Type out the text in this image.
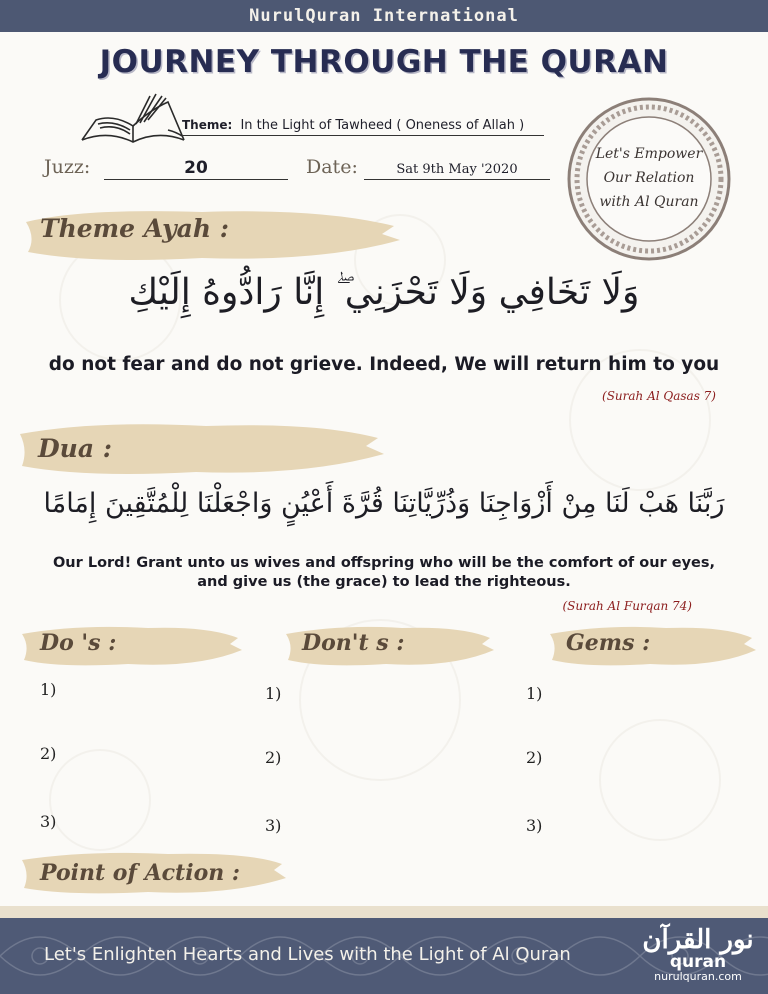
NurulQuran International
JOURNEY THROUGH THE QURAN
Theme: In the Light of Tawheed ( Oneness of Allah )
Juzz:	20	Date:	Sat 9th May '2020
Let's Empower
Our Relation
with Al Quran
Theme Ayah :
وَلَا تَخَافِي وَلَا تَحْزَنِي ۖ إِنَّا رَادُّوهُ إِلَيْكِ
do not fear and do not grieve. Indeed, We will return him to you
(Surah Al Qasas 7)
Dua :
رَبَّنَا هَبْ لَنَا مِنْ أَزْوَاجِنَا وَذُرِّيَّاتِنَا قُرَّةَ أَعْيُنٍ وَاجْعَلْنَا لِلْمُتَّقِينَ إِمَامًا
Our Lord! Grant unto us wives and offspring who will be the comfort of our eyes,
and give us (the grace) to lead the righteous.
(Surah Al Furqan 74)
Do 's :	Don't s :	Gems :
1)
2)
3)
1)
2)
3)
1)
2)
3)
Point of Action :
Let's Enlighten Hearts and Lives with the Light of Al Quran	نور القرآن
quran
nurulquran.com
